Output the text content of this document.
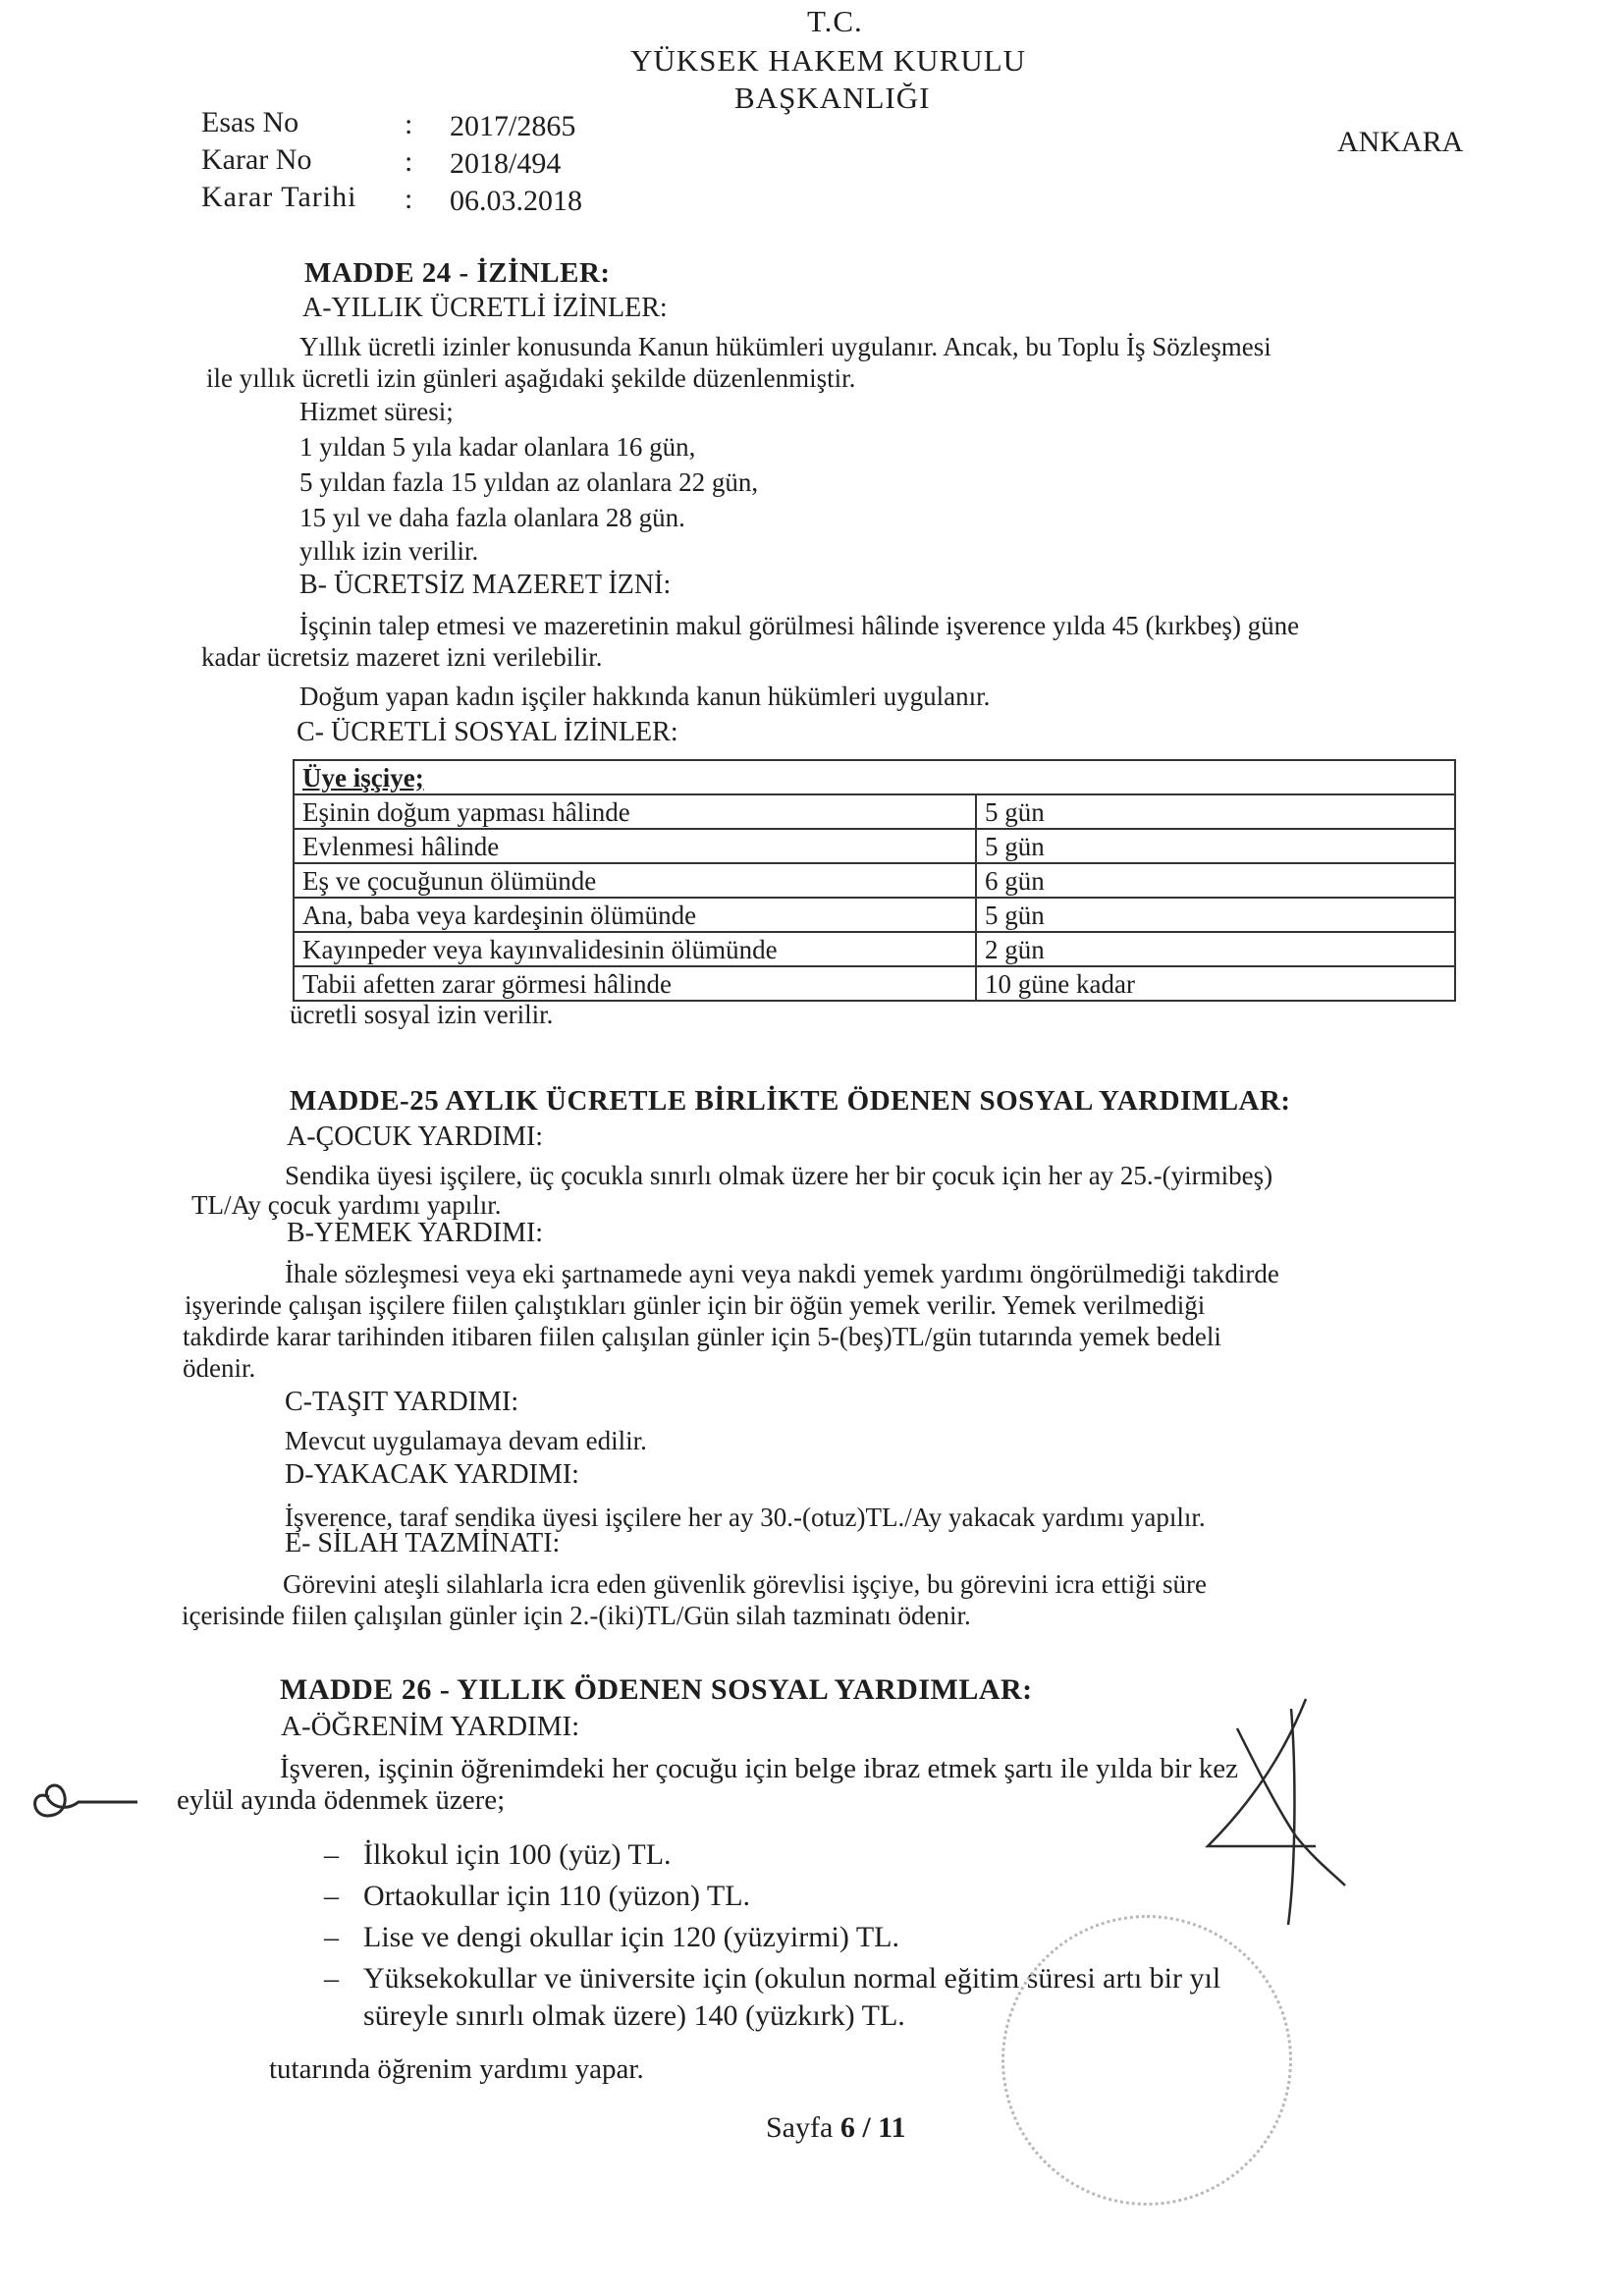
T.C.
YÜKSEK HAKEM KURULU
BAŞKANLIĞI
ANKARA
Esas No	: 2017/2865
Karar No	: 2018/494
Karar Tarihi : 06.03.2018
MADDE 24 - İZİNLER:
A-YILLIK ÜCRETLİ İZİNLER:
Yıllık ücretli izinler konusunda Kanun hükümleri uygulanır. Ancak, bu Toplu İş Sözleşmesi
ile yıllık ücretli izin günleri aşağıdaki şekilde düzenlenmiştir.
Hizmet süresi;
1 yıldan 5 yıla kadar olanlara 16 gün,
5 yıldan fazla 15 yıldan az olanlara 22 gün,
15 yıl ve daha fazla olanlara 28 gün.
yıllık izin verilir.
B- ÜCRETSİZ MAZERET İZNİ:
İşçinin talep etmesi ve mazeretinin makul görülmesi hâlinde işverence yılda 45 (kırkbeş) güne
kadar ücretsiz mazeret izni verilebilir.
Doğum yapan kadın işçiler hakkında kanun hükümleri uygulanır.
C- ÜCRETLİ SOSYAL İZİNLER:
Üye işçiye;	
Eşinin doğum yapması hâlinde	5 gün
Evlenmesi hâlinde	5 gün
Eş ve çocuğunun ölümünde	6 gün
Ana, baba veya kardeşinin ölümünde	5 gün
Kayınpeder veya kayınvalidesinin ölümünde	2 gün
Tabii afetten zarar görmesi hâlinde	10 güne kadar
ücretli sosyal izin verilir.
MADDE-25 AYLIK ÜCRETLE BİRLİKTE ÖDENEN SOSYAL YARDIMLAR:
A-ÇOCUK YARDIMI:
Sendika üyesi işçilere, üç çocukla sınırlı olmak üzere her bir çocuk için her ay 25.-(yirmibeş)
TL/Ay çocuk yardımı yapılır.
B-YEMEK YARDIMI:
İhale sözleşmesi veya eki şartnamede ayni veya nakdi yemek yardımı öngörülmediği takdirde
işyerinde çalışan işçilere fiilen çalıştıkları günler için bir öğün yemek verilir. Yemek verilmediği
takdirde karar tarihinden itibaren fiilen çalışılan günler için 5-(beş)TL/gün tutarında yemek bedeli
ödenir.
C-TAŞIT YARDIMI:
Mevcut uygulamaya devam edilir.
D-YAKACAK YARDIMI:
İşverence, taraf sendika üyesi işçilere her ay 30.-(otuz)TL./Ay yakacak yardımı yapılır.
E- SİLAH TAZMİNATI:
Görevini ateşli silahlarla icra eden güvenlik görevlisi işçiye, bu görevini icra ettiği süre
içerisinde fiilen çalışılan günler için 2.-(iki)TL/Gün silah tazminatı ödenir.
MADDE 26 - YILLIK ÖDENEN SOSYAL YARDIMLAR:
A-ÖĞRENİM YARDIMI:
İşveren, işçinin öğrenimdeki her çocuğu için belge ibraz etmek şartı ile yılda bir kez
eylül ayında ödenmek üzere;
– İlkokul için 100 (yüz) TL.
– Ortaokullar için 110 (yüzon) TL.
– Lise ve dengi okullar için 120 (yüzyirmi) TL.
– Yüksekokullar ve üniversite için (okulun normal eğitim süresi artı bir yıl
süreyle sınırlı olmak üzere) 140 (yüzkırk) TL.
tutarında öğrenim yardımı yapar.
Sayfa 6 / 11
